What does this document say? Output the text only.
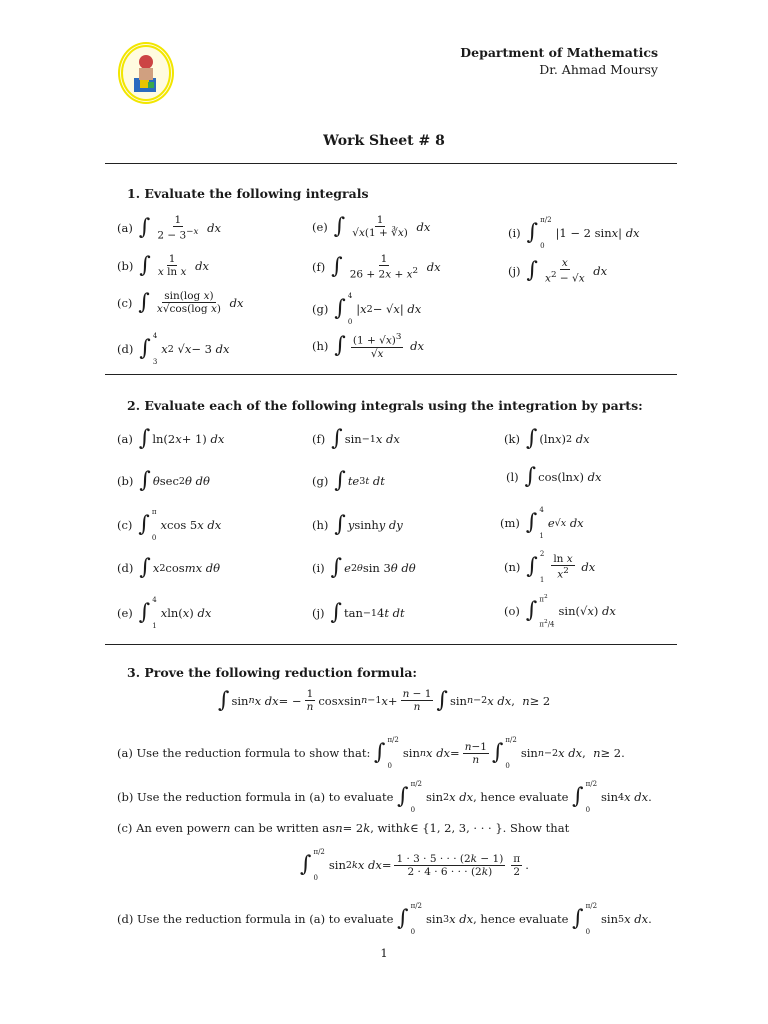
Department of Mathematics
Dr. Ahmad Moursy
Work Sheet # 8
1. Evaluate the following integrals
(a) ∫ $\frac{1}{2 - 3^{-x}}$
dx
(b) ∫ $\frac{1}{\text{x ln x}}$
dx
(c) ∫ $\frac{\text{sin(log x)}}{\text{x√cos(log x)}}$
dx
(d) ∫ 4
3
x 2 √ x − 3 dx
(e) ∫ $\frac{1}{√x(1 + ∛x)}$
dx
(f) ∫ $\frac{1}{26 + 2x + x^2}$
dx
(g) ∫ 4
0
| x 2 − √ x | dx
(h) ∫ $\frac{(1 + √x)^3}{√x}$
dx
(i) ∫ π/2
0
|1 − 2 sin x | dx
(j) ∫ $\frac{x}{x^2 - √x}$
dx
2. Evaluate each of the following integrals using the integration by parts:
(a) ∫ ln(2 x + 1) dx
(b) ∫ θ sec 2 θ
dθ
(c) ∫ π
0
x cos 5 x
dx
(d) ∫ x 2 cos mx
dθ
(e) ∫ 4
1
x ln( x ) dx
(f) ∫ sin −1 x
dx
(g) ∫ te 3t
dt
(h) ∫ y sinh y
dy
(i) ∫ e 2θ sin 3 θ
dθ
(j) ∫ tan −1 4 t
dt
(k) ∫ (ln x ) 2
dx
(l) ∫ cos(ln x ) dx
(m) ∫ 4
1
e √x
dx
(n) ∫ 2
$1 \frac{\text{ln x}}{x^2}$
dx
(o) ∫ $\pi^2$
$\pi^2/4$
sin(√ x ) dx
3. Prove the following reduction formula:
∫ sin n x dx = − $\frac{1}{n}$ cos x sin n−1 $x + \frac{n - 1}{n}$ ∫ sin n−2 x dx , n ≥ 2
(a) Use the reduction formula to show that: ∫ π/2
0
sin n x dx = $\frac{n-1}{n}$ ∫ π/2
0
sin n−2 x dx , n ≥ 2.
(b) Use the reduction formula in (a) to evaluate ∫ π/2
0
sin 2 x dx , hence evaluate ∫ π/2
0
sin 4 x dx .
(c) An even power n can be written as n = 2 k , with k ∈ {1, 2, 3, · · · }. Show that
∫ π/2
0
sin 2k x dx = $\frac{1 \cdot 3 \cdot 5 \cdot \cdot \cdot (2k - 1)}{2 \cdot 4 \cdot 6 \cdot \cdot \cdot (2k)} \frac{\pi}{2}$ .
(d) Use the reduction formula in (a) to evaluate ∫ π/2
0
sin 3 x dx , hence evaluate ∫ π/2
0
sin 5 x dx .
1
